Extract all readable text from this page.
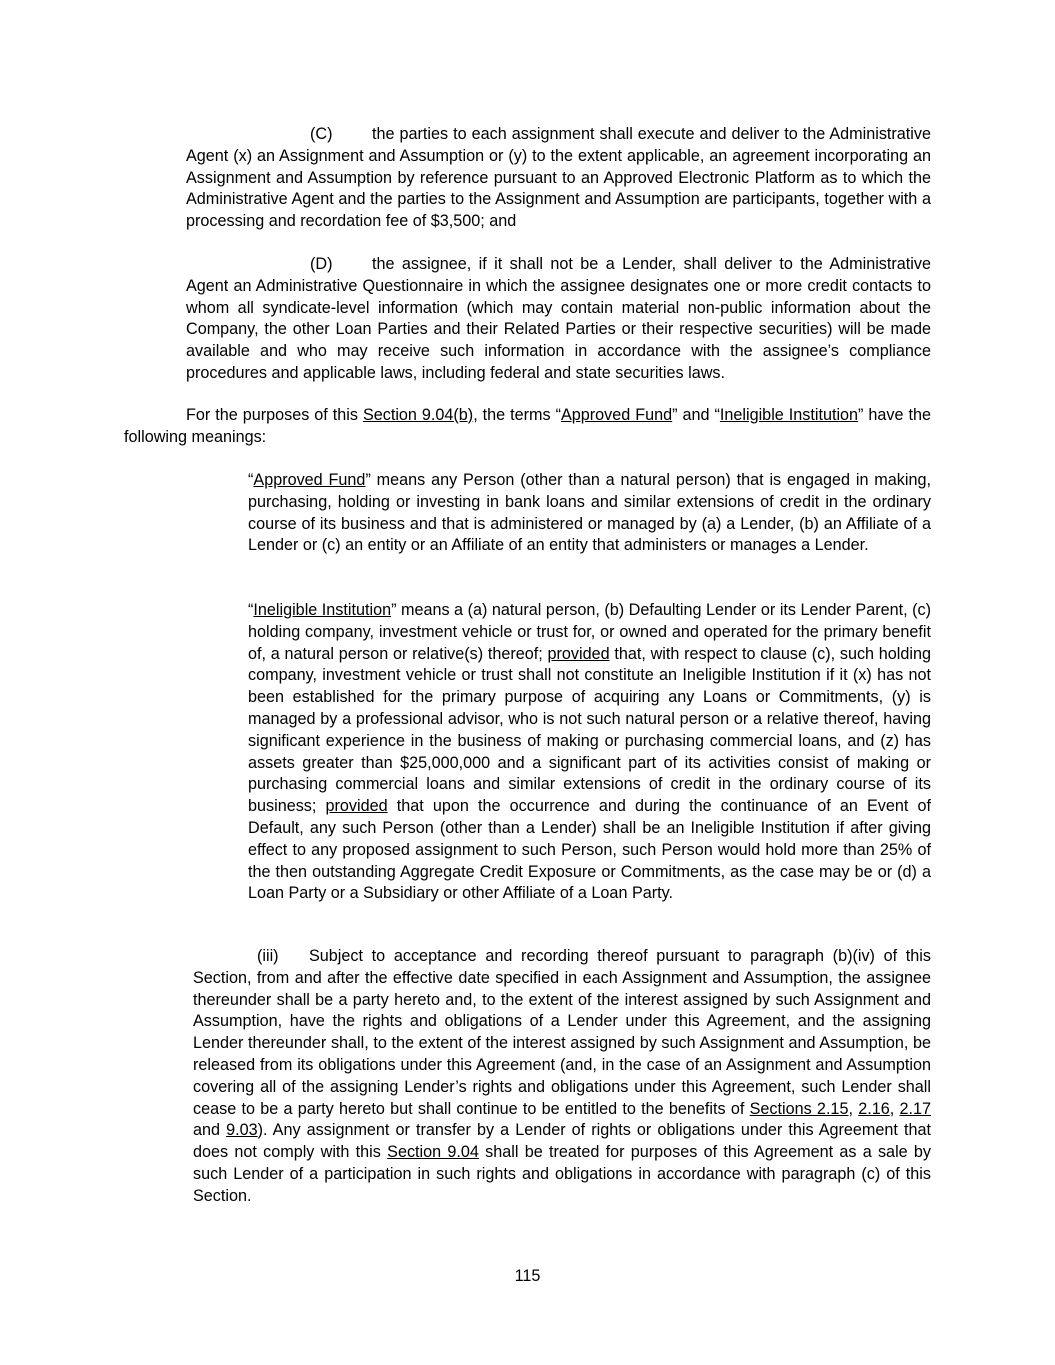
(C) the parties to each assignment shall execute and deliver to the Administrative Agent (x) an Assignment and Assumption or (y) to the extent applicable, an agreement incorporating an Assignment and Assumption by reference pursuant to an Approved Electronic Platform as to which the Administrative Agent and the parties to the Assignment and Assumption are participants, together with a processing and recordation fee of $3,500; and

(D) the assignee, if it shall not be a Lender, shall deliver to the Administrative Agent an Administrative Questionnaire in which the assignee designates one or more credit contacts to whom all syndicate-level information (which may contain material non-public information about the Company, the other Loan Parties and their Related Parties or their respective securities) will be made available and who may receive such information in accordance with the assignee’s compliance procedures and applicable laws, including federal and state securities laws.

For the purposes of this Section 9.04(b), the terms “Approved Fund” and “Ineligible Institution” have the following meanings:

“Approved Fund” means any Person (other than a natural person) that is engaged in making, purchasing, holding or investing in bank loans and similar extensions of credit in the ordinary course of its business and that is administered or managed by (a) a Lender, (b) an Affiliate of a Lender or (c) an entity or an Affiliate of an entity that administers or manages a Lender.

“Ineligible Institution” means a (a) natural person, (b) Defaulting Lender or its Lender Parent, (c) holding company, investment vehicle or trust for, or owned and operated for the primary benefit of, a natural person or relative(s) thereof; provided that, with respect to clause (c), such holding company, investment vehicle or trust shall not constitute an Ineligible Institution if it (x) has not been established for the primary purpose of acquiring any Loans or Commitments, (y) is managed by a professional advisor, who is not such natural person or a relative thereof, having significant experience in the business of making or purchasing commercial loans, and (z) has assets greater than $25,000,000 and a significant part of its activities consist of making or purchasing commercial loans and similar extensions of credit in the ordinary course of its business; provided that upon the occurrence and during the continuance of an Event of Default, any such Person (other than a Lender) shall be an Ineligible Institution if after giving effect to any proposed assignment to such Person, such Person would hold more than 25% of the then outstanding Aggregate Credit Exposure or Commitments, as the case may be or (d) a Loan Party or a Subsidiary or other Affiliate of a Loan Party.

(iii) Subject to acceptance and recording thereof pursuant to paragraph (b)(iv) of this Section, from and after the effective date specified in each Assignment and Assumption, the assignee thereunder shall be a party hereto and, to the extent of the interest assigned by such Assignment and Assumption, have the rights and obligations of a Lender under this Agreement, and the assigning Lender thereunder shall, to the extent of the interest assigned by such Assignment and Assumption, be released from its obligations under this Agreement (and, in the case of an Assignment and Assumption covering all of the assigning Lender’s rights and obligations under this Agreement, such Lender shall cease to be a party hereto but shall continue to be entitled to the benefits of Sections 2.15, 2.16, 2.17 and 9.03). Any assignment or transfer by a Lender of rights or obligations under this Agreement that does not comply with this Section 9.04 shall be treated for purposes of this Agreement as a sale by such Lender of a participation in such rights and obligations in accordance with paragraph (c) of this Section.

115
